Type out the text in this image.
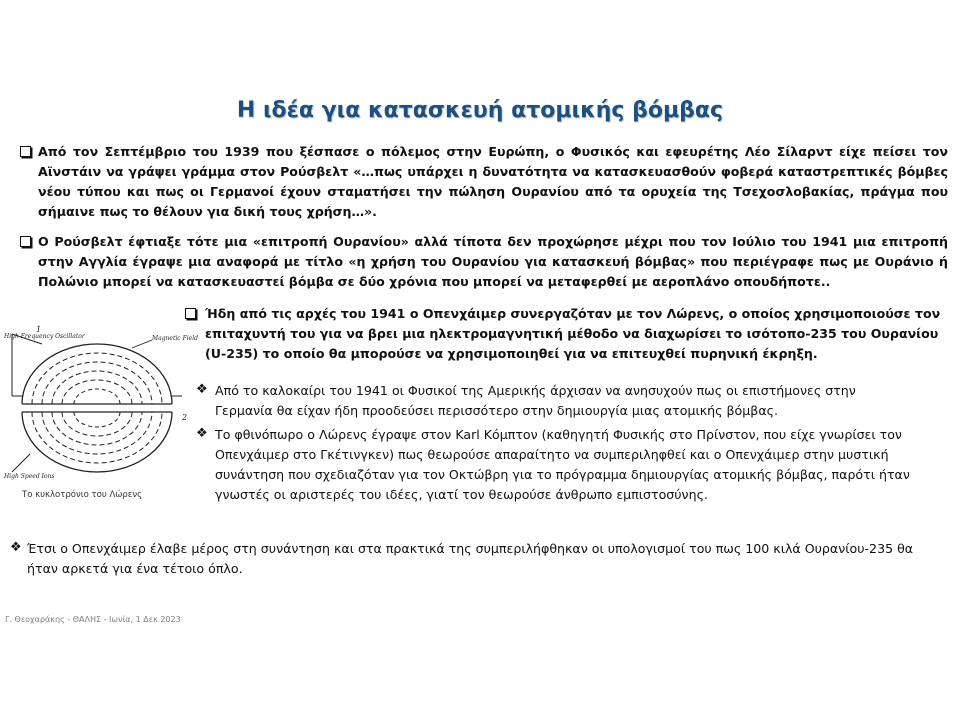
Η ιδέα για κατασκευή ατομικής βόμβας

Από τον Σεπτέμβριο του 1939 που ξέσπασε ο πόλεμος στην Ευρώπη, ο Φυσικός και εφευρέτης Λέο Σίλαρντ είχε πείσει τον Αϊνστάιν να γράψει γράμμα στον Ρούσβελτ «…πως υπάρχει η δυνατότητα να κατασκευασθούν φοβερά καταστρεπτικές βόμβες νέου τύπου και πως οι Γερμανοί έχουν σταματήσει την πώληση Ουρανίου από τα ορυχεία της Τσεχοσλοβακίας, πράγμα που σήμαινε πως το θέλουν για δική τους χρήση…».

Ο Ρούσβελτ έφτιαξε τότε μια «επιτροπή Ουρανίου» αλλά τίποτα δεν προχώρησε μέχρι που τον Ιούλιο του 1941 μια επιτροπή στην Αγγλία έγραψε μια αναφορά με τίτλο «η χρήση του Ουρανίου για κατασκευή βόμβας» που περιέγραφε πως με Ουράνιο ή Πολώνιο μπορεί να κατασκευαστεί βόμβα σε δύο χρόνια που μπορεί να μεταφερθεί με αεροπλάνο οπουδήποτε..

Ήδη από τις αρχές του 1941 ο Οπενχάιμερ συνεργαζόταν με τον Λώρενς, ο οποίος χρησιμοποιούσε τον επιταχυντή του για να βρει μια ηλεκτρομαγνητική μέθοδο να διαχωρίσει το ισότοπο-235 του Ουρανίου (U-235) το οποίο θα μπορούσε να χρησιμοποιηθεί για να επιτευχθεί πυρηνική έκρηξη.

❖ Από το καλοκαίρι του 1941 οι Φυσικοί της Αμερικής άρχισαν να ανησυχούν πως οι επιστήμονες στην Γερμανία θα είχαν ήδη προοδεύσει περισσότερο στην δημιουργία μιας ατομικής βόμβας.

❖ Το φθινόπωρο ο Λώρενς έγραψε στον Karl Κόμπτον (καθηγητή Φυσικής στο Πρίνστον, που είχε γνωρίσει τον Οπενχάιμερ στο Γκέτινγκεν) πως θεωρούσε απαραίτητο να συμπεριληφθεί και ο Οπενχάιμερ στην μυστική συνάντηση που σχεδιαζόταν για τον Οκτώβρη για το πρόγραμμα δημιουργίας ατομικής βόμβας, παρότι ήταν γνωστές οι αριστερές του ιδέες, γιατί τον θεωρούσε άνθρωπο εμπιστοσύνης.

❖ Έτσι ο Οπενχάιμερ έλαβε μέρος στη συνάντηση και στα πρακτικά της συμπεριλήφθηκαν οι υπολογισμοί του πως 100 κιλά Ουρανίου-235 θα ήταν αρκετά για ένα τέτοιο όπλο.

High Frequency Oscillator	Magnetic Field
High Speed Ions
1
2
Το κυκλοτρόνιο του Λώρενς
Γ. Θεοχαράκης - ΘΑΛΗΣ - Ιωνία, 1 Δεκ 2023
